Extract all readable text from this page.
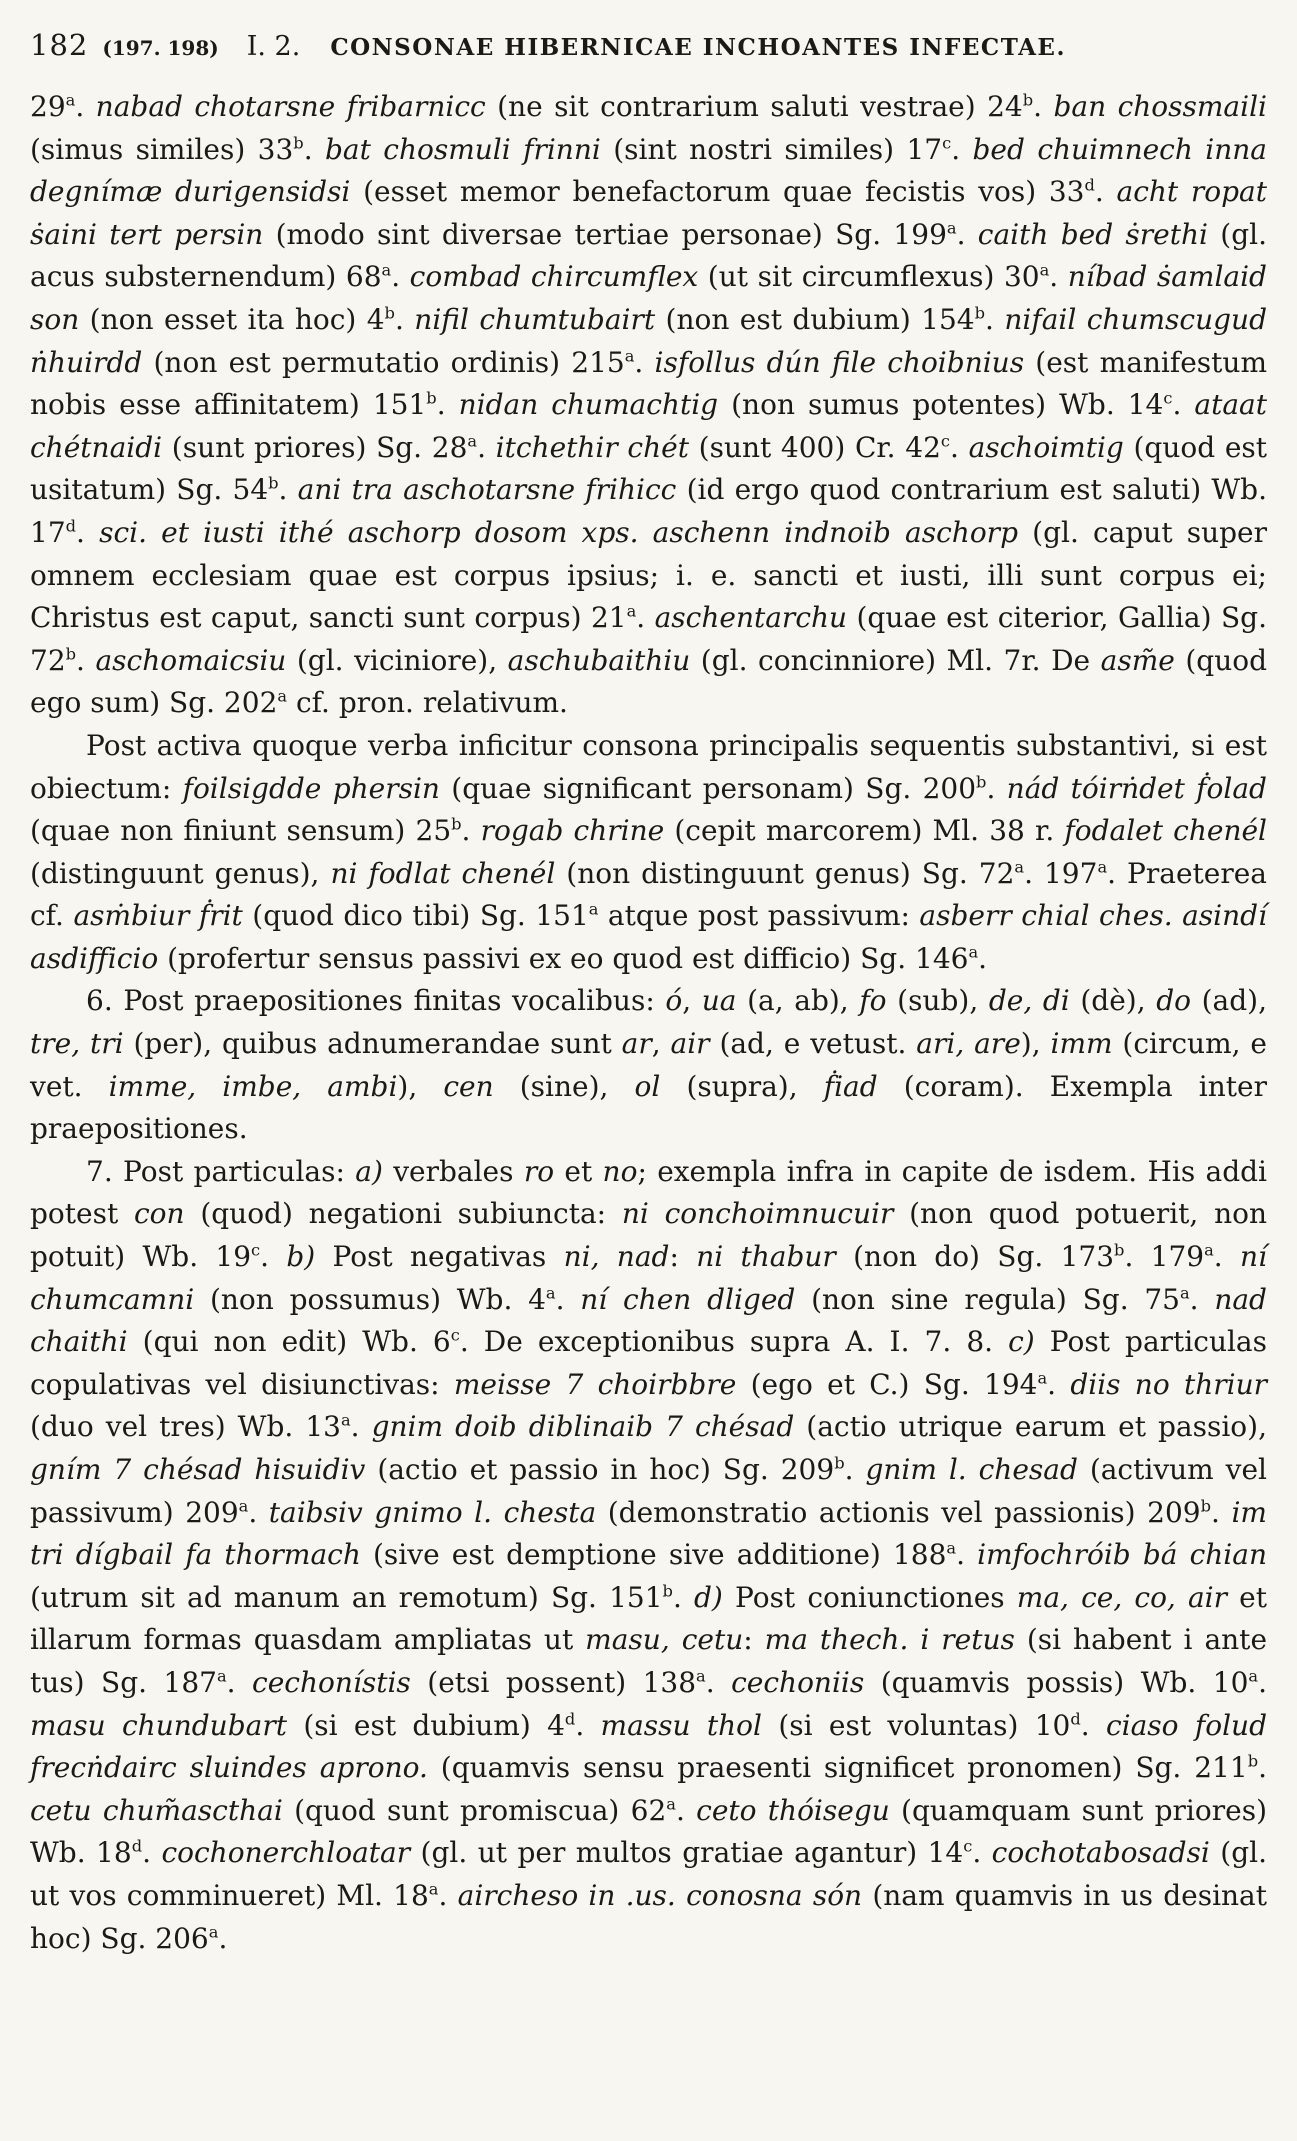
182 (197. 198) I. 2. CONSONAE HIBERNICAE INCHOANTES INFECTAE.

29$^a$. nabad chotarsne fribarnicc (ne sit contrarium saluti vestrae) 24$^b$. ban chossmaili (simus similes) 33$^b$. bat chosmuli frinni (sint nostri similes) 17$^c$. bed chuimnech inna degnímæ durigensidsi (esset memor benefactorum quae fecistis vos) 33$^d$. acht ropat ṡaini tert persin (modo sint diversae tertiae personae) Sg. 199$^a$. caith bed ṡrethi (gl. acus substernendum) 68$^a$. combad chircumflex (ut sit circumflexus) 30$^a$. níbad ṡamlaid son (non esset ita hoc) 4$^b$. nifil chumtubairt (non est dubium) 154$^b$. nifail chumscugud ṅhuirdd (non est permutatio ordinis) 215$^a$. isfollus dún file choibnius (est manifestum nobis esse affinitatem) 151$^b$. nidan chumachtig (non sumus potentes) Wb. 14$^c$. ataat chétnaidi (sunt priores) Sg. 28$^a$. itchethir chét (sunt 400) Cr. 42$^c$. aschoimtig (quod est usitatum) Sg. 54$^b$. ani tra aschotarsne frihicc (id ergo quod contrarium est saluti) Wb. 17$^d$. sci. et iusti ithé aschorp dosom xps. aschenn indnoib aschorp (gl. caput super omnem ecclesiam quae est corpus ipsius; i. e. sancti et iusti, illi sunt corpus ei; Christus est caput, sancti sunt corpus) 21$^a$. aschentarchu (quae est citerior, Gallia) Sg. 72$^b$. aschomaicsiu (gl. viciniore), aschubaithiu (gl. concinniore) Ml. 7r. De asm̃e (quod ego sum) Sg. 202$^a$ cf. pron. relativum.

Post activa quoque verba inficitur consona principalis sequentis substantivi, si est obiectum: foilsigdde phersin (quae significant personam) Sg. 200$^b$. nád tóirṅdet ḟolad (quae non finiunt sensum) 25$^b$. rogab chrine (cepit marcorem) Ml. 38 r. fodalet chenél (distinguunt genus), ni fodlat chenél (non distinguunt genus) Sg. 72$^a$. 197$^a$. Praeterea cf. asṁbiur ḟrit (quod dico tibi) Sg. 151$^a$ atque post passivum: asberr chial ches. asindí asdifficio (profertur sensus passivi ex eo quod est difficio) Sg. 146$^a$.

6. Post praepositiones finitas vocalibus: ó, ua (a, ab), fo (sub), de, di (dè), do (ad), tre, tri (per), quibus adnumerandae sunt ar, air (ad, e vetust. ari, are), imm (circum, e vet. imme, imbe, ambi), cen (sine), ol (supra), ḟiad (coram). Exempla inter praepositiones.

7. Post particulas: a) verbales ro et no; exempla infra in capite de isdem. His addi potest con (quod) negationi subiuncta: ni conchoimnucuir (non quod potuerit, non potuit) Wb. 19$^c$. b) Post negativas ni, nad: ni thabur (non do) Sg. 173$^b$. 179$^a$. ní chumcamni (non possumus) Wb. 4$^a$. ní chen dliged (non sine regula) Sg. 75$^a$. nad chaithi (qui non edit) Wb. 6$^c$. De exceptionibus supra A. I. 7. 8. c) Post particulas copulativas vel disiunctivas: meisse 7 choirbbre (ego et C.) Sg. 194$^a$. diis no thriur (duo vel tres) Wb. 13$^a$. gnim doib diblinaib 7 chésad (actio utrique earum et passio), gním 7 chésad hisuidiv (actio et passio in hoc) Sg. 209$^b$. gnim l. chesad (activum vel passivum) 209$^a$. taibsiv gnimo l. chesta (demonstratio actionis vel passionis) 209$^b$. im tri dígbail fa thormach (sive est demptione sive additione) 188$^a$. imfochróib bá chian (utrum sit ad manum an remotum) Sg. 151$^b$. d) Post coniunctiones ma, ce, co, air et illarum formas quasdam ampliatas ut masu, cetu: ma thech. i retus (si habent i ante tus) Sg. 187$^a$. cechonístis (etsi possent) 138$^a$. cechoniis (quamvis possis) Wb. 10$^a$. masu chundubart (si est dubium) 4$^d$. massu thol (si est voluntas) 10$^d$. ciaso folud frecṅdairc sluindes aprono. (quamvis sensu praesenti significet pronomen) Sg. 211$^b$. cetu chum̃ascthai (quod sunt promiscua) 62$^a$. ceto thóisegu (quamquam sunt priores) Wb. 18$^d$. cochonerchloatar (gl. ut per multos gratiae agantur) 14$^c$. cochotabosadsi (gl. ut vos comminueret) Ml. 18$^a$. aircheso in .us. conosna són (nam quamvis in us desinat hoc) Sg. 206$^a$.
